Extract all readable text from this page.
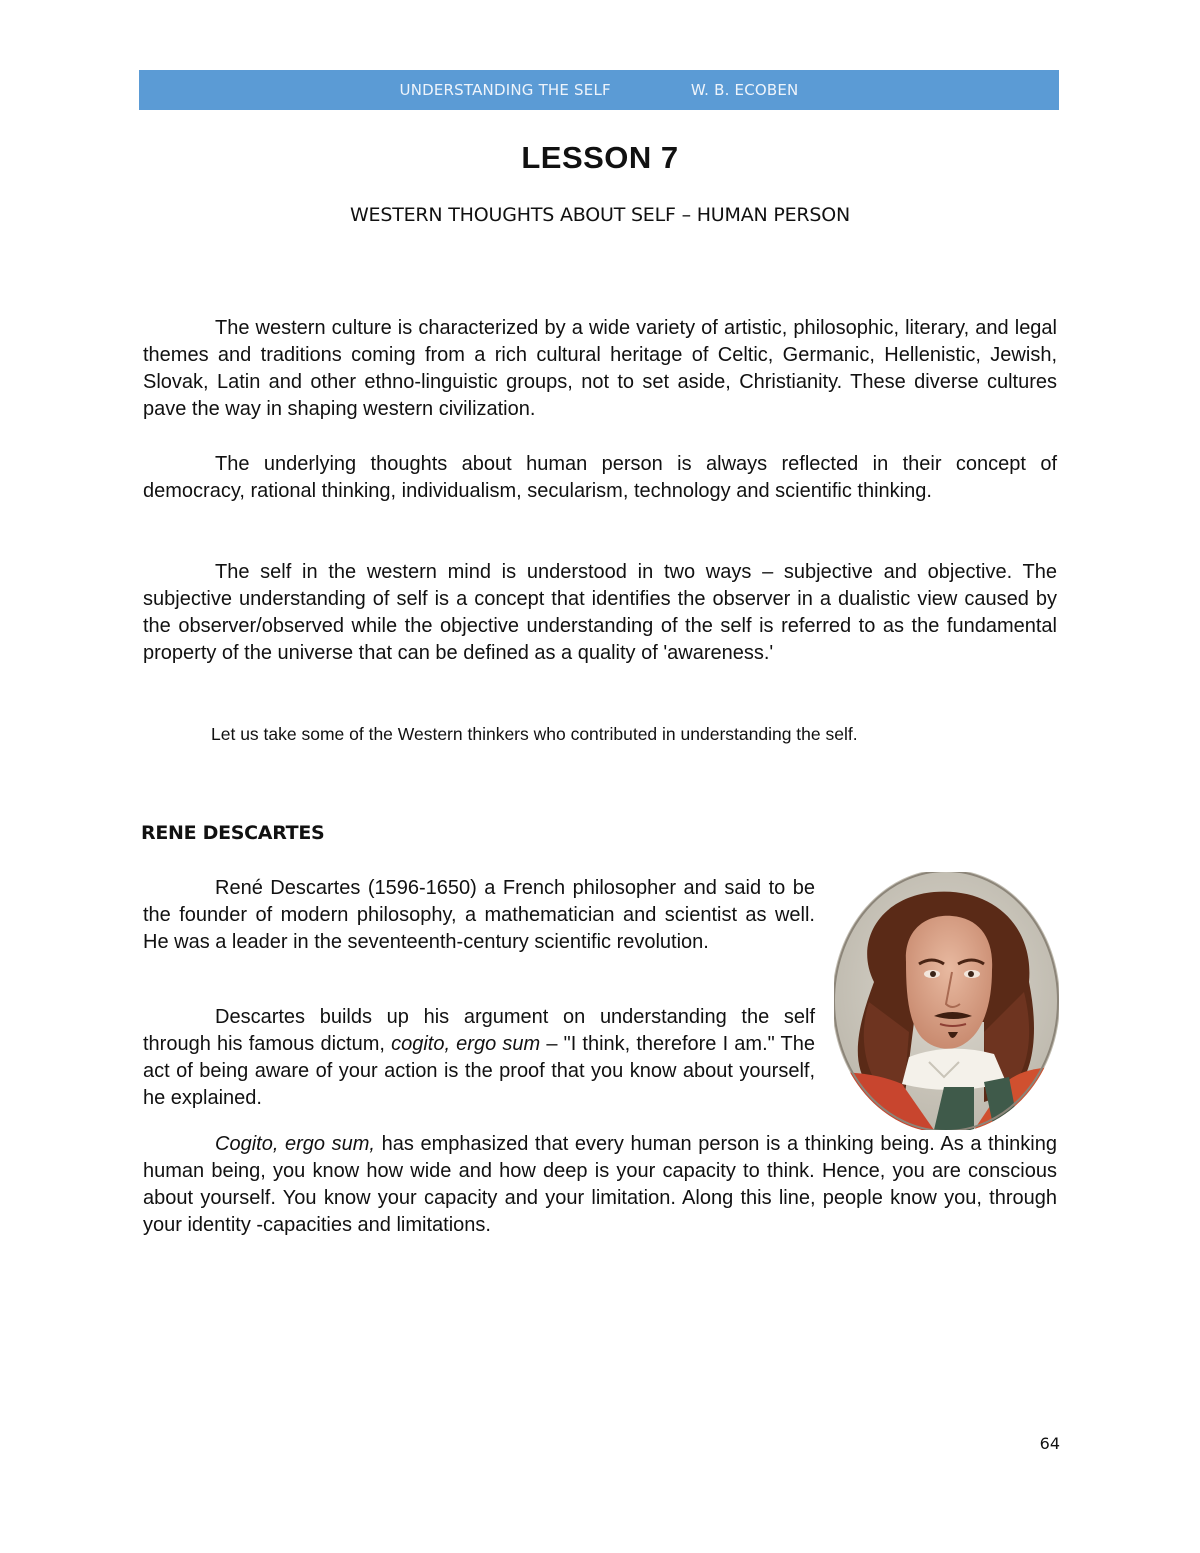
UNDERSTANDING THE SELF	W. B. ECOBEN
LESSON 7
WESTERN THOUGHTS ABOUT SELF – HUMAN PERSON

The western culture is characterized by a wide variety of artistic, philosophic, literary, and legal themes and traditions coming from a rich cultural heritage of Celtic, Germanic, Hellenistic, Jewish, Slovak, Latin and other ethno-linguistic groups, not to set aside, Christianity. These diverse cultures pave the way in shaping western civilization.

The underlying thoughts about human person is always reflected in their concept of democracy, rational thinking, individualism, secularism, technology and scientific thinking.

The self in the western mind is understood in two ways – subjective and objective. The subjective understanding of self is a concept that identifies the observer in a dualistic view caused by the observer/observed while the objective understanding of the self is referred to as the fundamental property of the universe that can be defined as a quality of 'awareness.'

Let us take some of the Western thinkers who contributed in understanding the self.

RENE DESCARTES

René Descartes (1596-1650) a French philosopher and said to be the founder of modern philosophy, a mathematician and scientist as well. He was a leader in the seventeenth-century scientific revolution.

Descartes builds up his argument on understanding the self through his famous dictum, cogito, ergo sum – "I think, therefore I am." The act of being aware of your action is the proof that you know about yourself, he explained.

Cogito, ergo sum, has emphasized that every human person is a thinking being. As a thinking human being, you know how wide and how deep is your capacity to think. Hence, you are conscious about yourself. You know your capacity and your limitation. Along this line, people know you, through your identity -capacities and limitations.

64
